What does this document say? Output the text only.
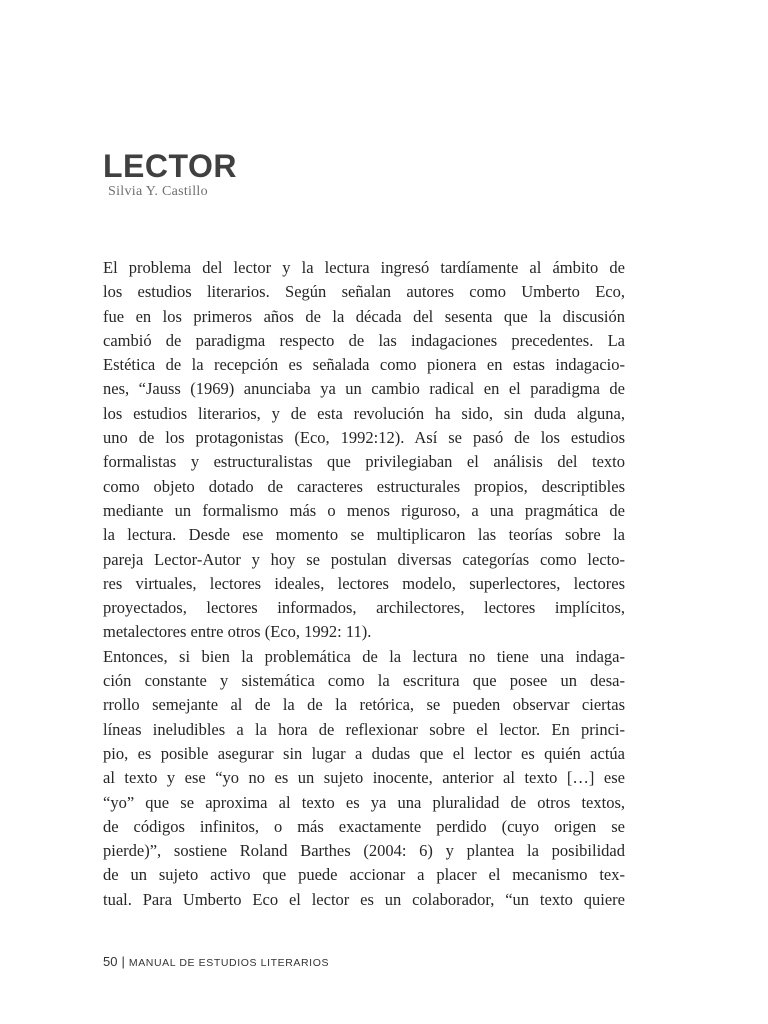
LECTOR
Silvia Y. Castillo
El problema del lector y la lectura ingresó tardíamente al ámbito de
los estudios literarios. Según señalan autores como Umberto Eco,
fue en los primeros años de la década del sesenta que la discusión
cambió de paradigma respecto de las indagaciones precedentes. La
Estética de la recepción es señalada como pionera en estas indagacio-
nes, “Jauss (1969) anunciaba ya un cambio radical en el paradigma de
los estudios literarios, y de esta revolución ha sido, sin duda alguna,
uno de los protagonistas (Eco, 1992:12). Así se pasó de los estudios
formalistas y estructuralistas que privilegiaban el análisis del texto
como objeto dotado de caracteres estructurales propios, descriptibles
mediante un formalismo más o menos riguroso, a una pragmática de
la lectura. Desde ese momento se multiplicaron las teorías sobre la
pareja Lector-Autor y hoy se postulan diversas categorías como lecto-
res virtuales, lectores ideales, lectores modelo, superlectores, lectores
proyectados, lectores informados, archilectores, lectores implícitos,
metalectores entre otros (Eco, 1992: 11).
Entonces, si bien la problemática de la lectura no tiene una indaga-
ción constante y sistemática como la escritura que posee un desa-
rrollo semejante al de la de la retórica, se pueden observar ciertas
líneas ineludibles a la hora de reflexionar sobre el lector. En princi-
pio, es posible asegurar sin lugar a dudas que el lector es quién actúa
al texto y ese “yo no es un sujeto inocente, anterior al texto […] ese
“yo” que se aproxima al texto es ya una pluralidad de otros textos,
de códigos infinitos, o más exactamente perdido (cuyo origen se
pierde)”, sostiene Roland Barthes (2004: 6) y plantea la posibilidad
de un sujeto activo que puede accionar a placer el mecanismo tex-
tual. Para Umberto Eco el lector es un colaborador, “un texto quiere
50 | MANUAL DE ESTUDIOS LITERARIOS
